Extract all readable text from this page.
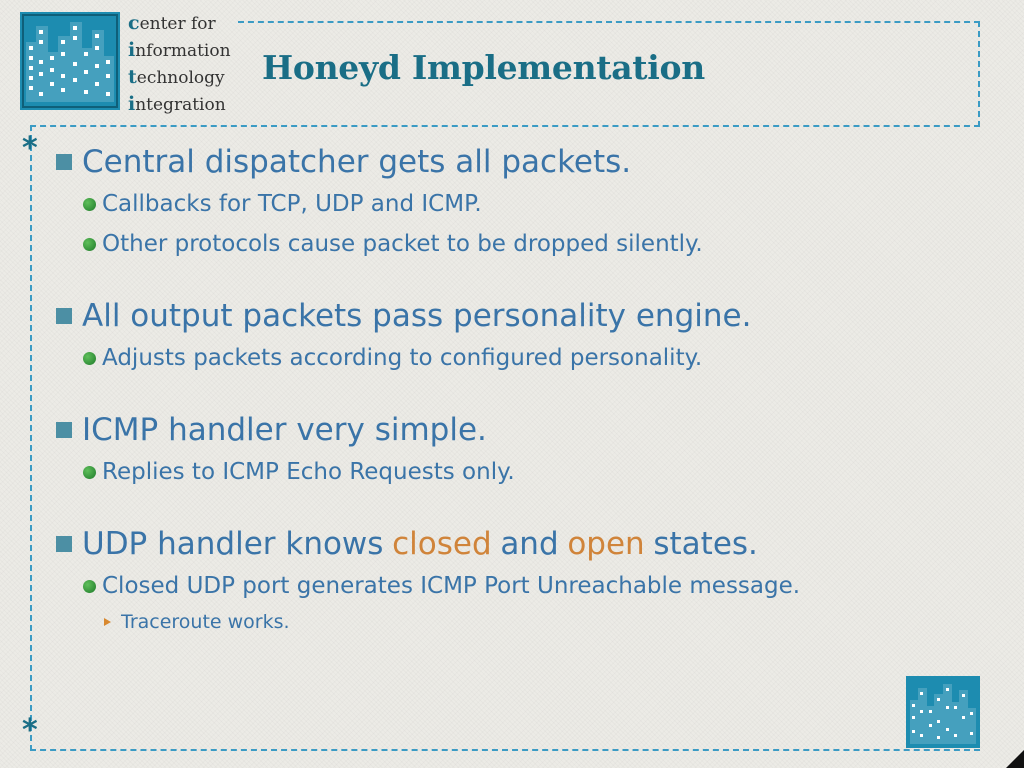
center for
information
technology
integration
Honeyd Implementation
*
*
Central dispatcher gets all packets.
Callbacks for TCP, UDP and ICMP.
Other protocols cause packet to be dropped silently.
All output packets pass personality engine.
Adjusts packets according to configured personality.
ICMP handler very simple.
Replies to ICMP Echo Requests only.
UDP handler knows closed and open states.
Closed UDP port generates ICMP Port Unreachable message.
Traceroute works.
